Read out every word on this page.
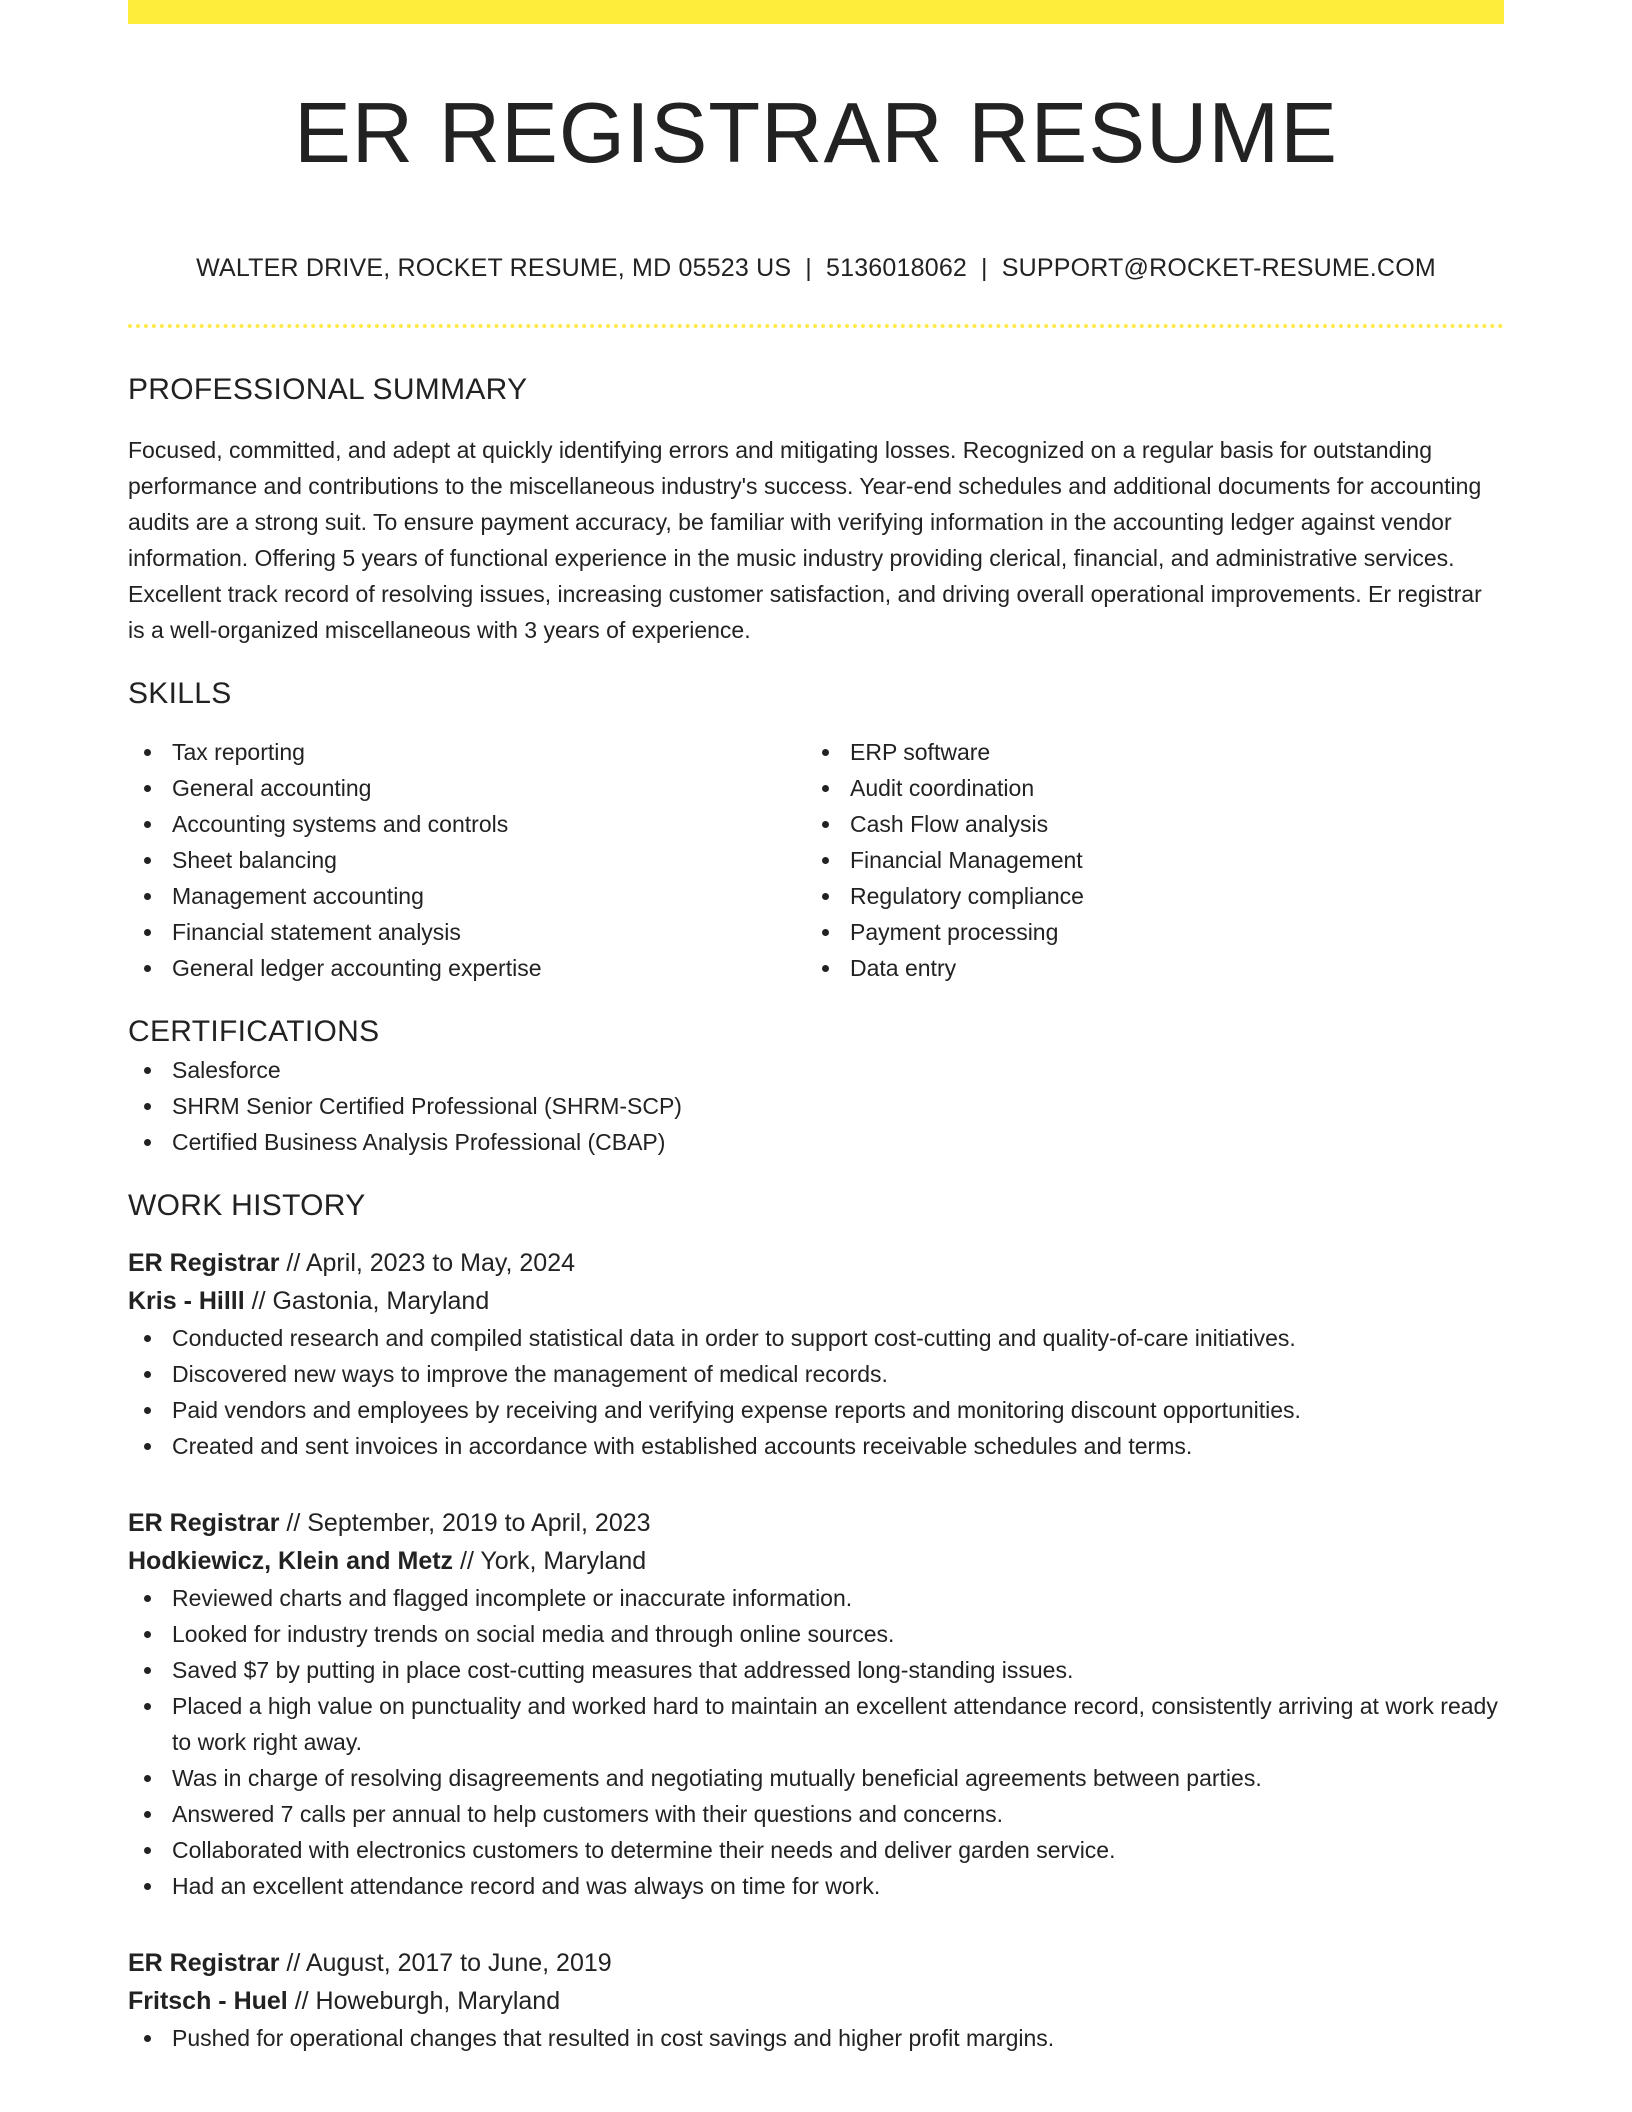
ER REGISTRAR RESUME
WALTER DRIVE, ROCKET RESUME, MD 05523 US | 5136018062 | SUPPORT@ROCKET-RESUME.COM
PROFESSIONAL SUMMARY

Focused, committed, and adept at quickly identifying errors and mitigating losses. Recognized on a regular basis for outstanding performance and contributions to the miscellaneous industry's success. Year-end schedules and additional documents for accounting audits are a strong suit. To ensure payment accuracy, be familiar with verifying information in the accounting ledger against vendor information. Offering 5 years of functional experience in the music industry providing clerical, financial, and administrative services. Excellent track record of resolving issues, increasing customer satisfaction, and driving overall operational improvements. Er registrar is a well-organized miscellaneous with 3 years of experience.

SKILLS
Tax reporting
General accounting
Accounting systems and controls
Sheet balancing
Management accounting
Financial statement analysis
General ledger accounting expertise
ERP software
Audit coordination
Cash Flow analysis
Financial Management
Regulatory compliance
Payment processing
Data entry
CERTIFICATIONS
Salesforce
SHRM Senior Certified Professional (SHRM-SCP)
Certified Business Analysis Professional (CBAP)
WORK HISTORY
ER Registrar // April, 2023 to May, 2024
Kris - Hilll // Gastonia, Maryland
Conducted research and compiled statistical data in order to support cost-cutting and quality-of-care initiatives.
Discovered new ways to improve the management of medical records.
Paid vendors and employees by receiving and verifying expense reports and monitoring discount opportunities.
Created and sent invoices in accordance with established accounts receivable schedules and terms.
ER Registrar // September, 2019 to April, 2023
Hodkiewicz, Klein and Metz // York, Maryland
Reviewed charts and flagged incomplete or inaccurate information.
Looked for industry trends on social media and through online sources.
Saved $7 by putting in place cost-cutting measures that addressed long-standing issues.
Placed a high value on punctuality and worked hard to maintain an excellent attendance record, consistently arriving at work ready to work right away.
Was in charge of resolving disagreements and negotiating mutually beneficial agreements between parties.
Answered 7 calls per annual to help customers with their questions and concerns.
Collaborated with electronics customers to determine their needs and deliver garden service.
Had an excellent attendance record and was always on time for work.
ER Registrar // August, 2017 to June, 2019
Fritsch - Huel // Howeburgh, Maryland
Pushed for operational changes that resulted in cost savings and higher profit margins.
